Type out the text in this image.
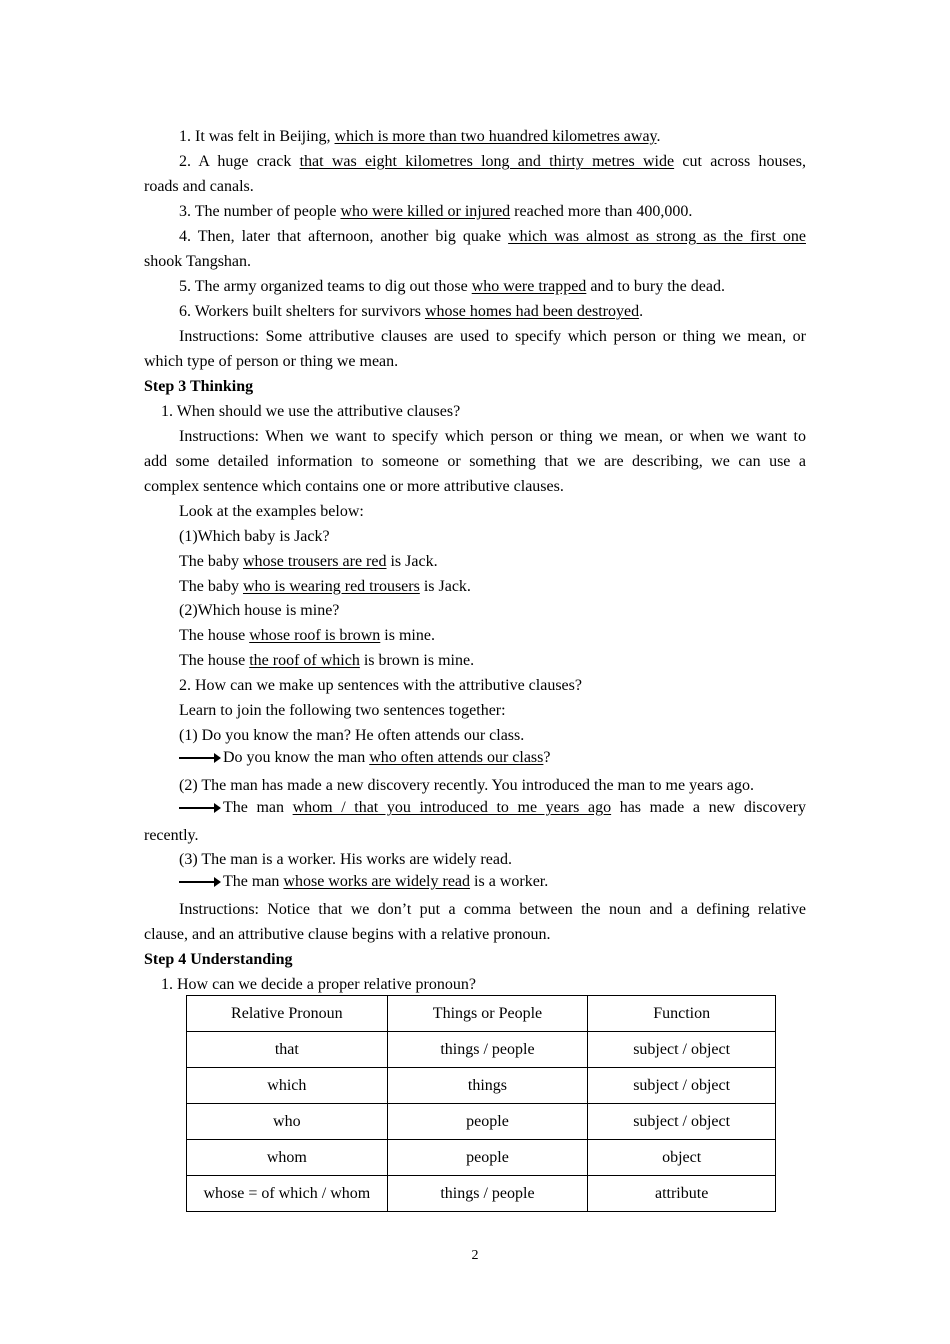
1. It was felt in Beijing, which is more than two huandred kilometres away.
2. A huge crack that was eight kilometres long and thirty metres wide cut across houses,
roads and canals.
3. The number of people who were killed or injured reached more than 400,000.
4. Then, later that afternoon, another big quake which was almost as strong as the first one
shook Tangshan.
5. The army organized teams to dig out those who were trapped and to bury the dead.
6. Workers built shelters for survivors whose homes had been destroyed.
Instructions: Some attributive clauses are used to specify which person or thing we mean, or
which type of person or thing we mean.
Step 3 Thinking
1. When should we use the attributive clauses?
Instructions: When we want to specify which person or thing we mean, or when we want to
add some detailed information to someone or something that we are describing, we can use a
complex sentence which contains one or more attributive clauses.
Look at the examples below:
(1)Which baby is Jack?
The baby whose trousers are red is Jack.
The baby who is wearing red trousers is Jack.
(2)Which house is mine?
The house whose roof is brown is mine.
The house the roof of which is brown is mine.
2. How can we make up sentences with the attributive clauses?
Learn to join the following two sentences together:
(1) Do you know the man? He often attends our class.
Do you know the man who often attends our class?
(2) The man has made a new discovery recently. You introduced the man to me years ago.
The man whom / that you introduced to me years ago has made a new discovery
recently.
(3) The man is a worker. His works are widely read.
The man whose works are widely read is a worker.
Instructions: Notice that we don’t put a comma between the noun and a defining relative
clause, and an attributive clause begins with a relative pronoun.
Step 4 Understanding
1. How can we decide a proper relative pronoun?
Relative Pronoun	Things or People	Function
that	things / people	subject / object
which	things	subject / object
who	people	subject / object
whom	people	object
whose = of which / whom	things / people	attribute
2
